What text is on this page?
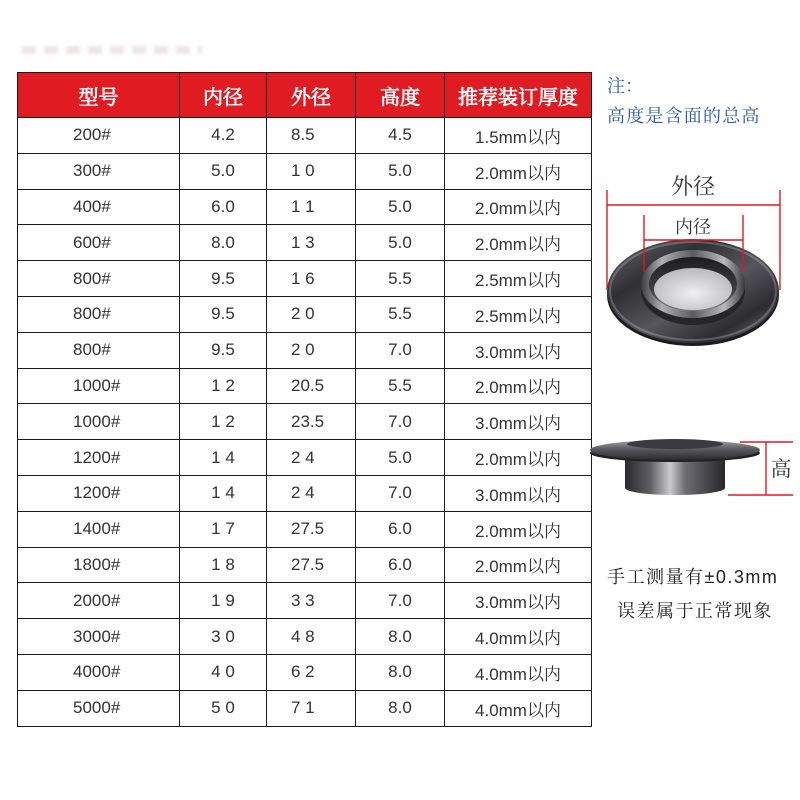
型号	内径	外径	高度	推荐装订厚度
200#	4.2	8.5	4.5	1.5mm以内
300#	5.0	1 0	5.0	2.0mm以内
400#	6.0	1 1	5.0	2.0mm以内
600#	8.0	1 3	5.0	2.0mm以内
800#	9.5	1 6	5.5	2.5mm以内
800#	9.5	2 0	5.5	2.5mm以内
800#	9.5	2 0	7.0	3.0mm以内
1000#	1 2	20.5	5.5	2.0mm以内
1000#	1 2	23.5	7.0	3.0mm以内
1200#	1 4	2 4	5.0	2.0mm以内
1200#	1 4	2 4	7.0	3.0mm以内
1400#	1 7	27.5	6.0	2.0mm以内
1800#	1 8	27.5	6.0	2.0mm以内
2000#	1 9	3 3	7.0	3.0mm以内
3000#	3 0	4 8	8.0	4.0mm以内
4000#	4 0	6 2	8.0	4.0mm以内
5000#	5 0	7 1	8.0	4.0mm以内
注：
高度是含面的总高
外径
内径
高
手工测量有±0.3mm
误差属于正常现象
